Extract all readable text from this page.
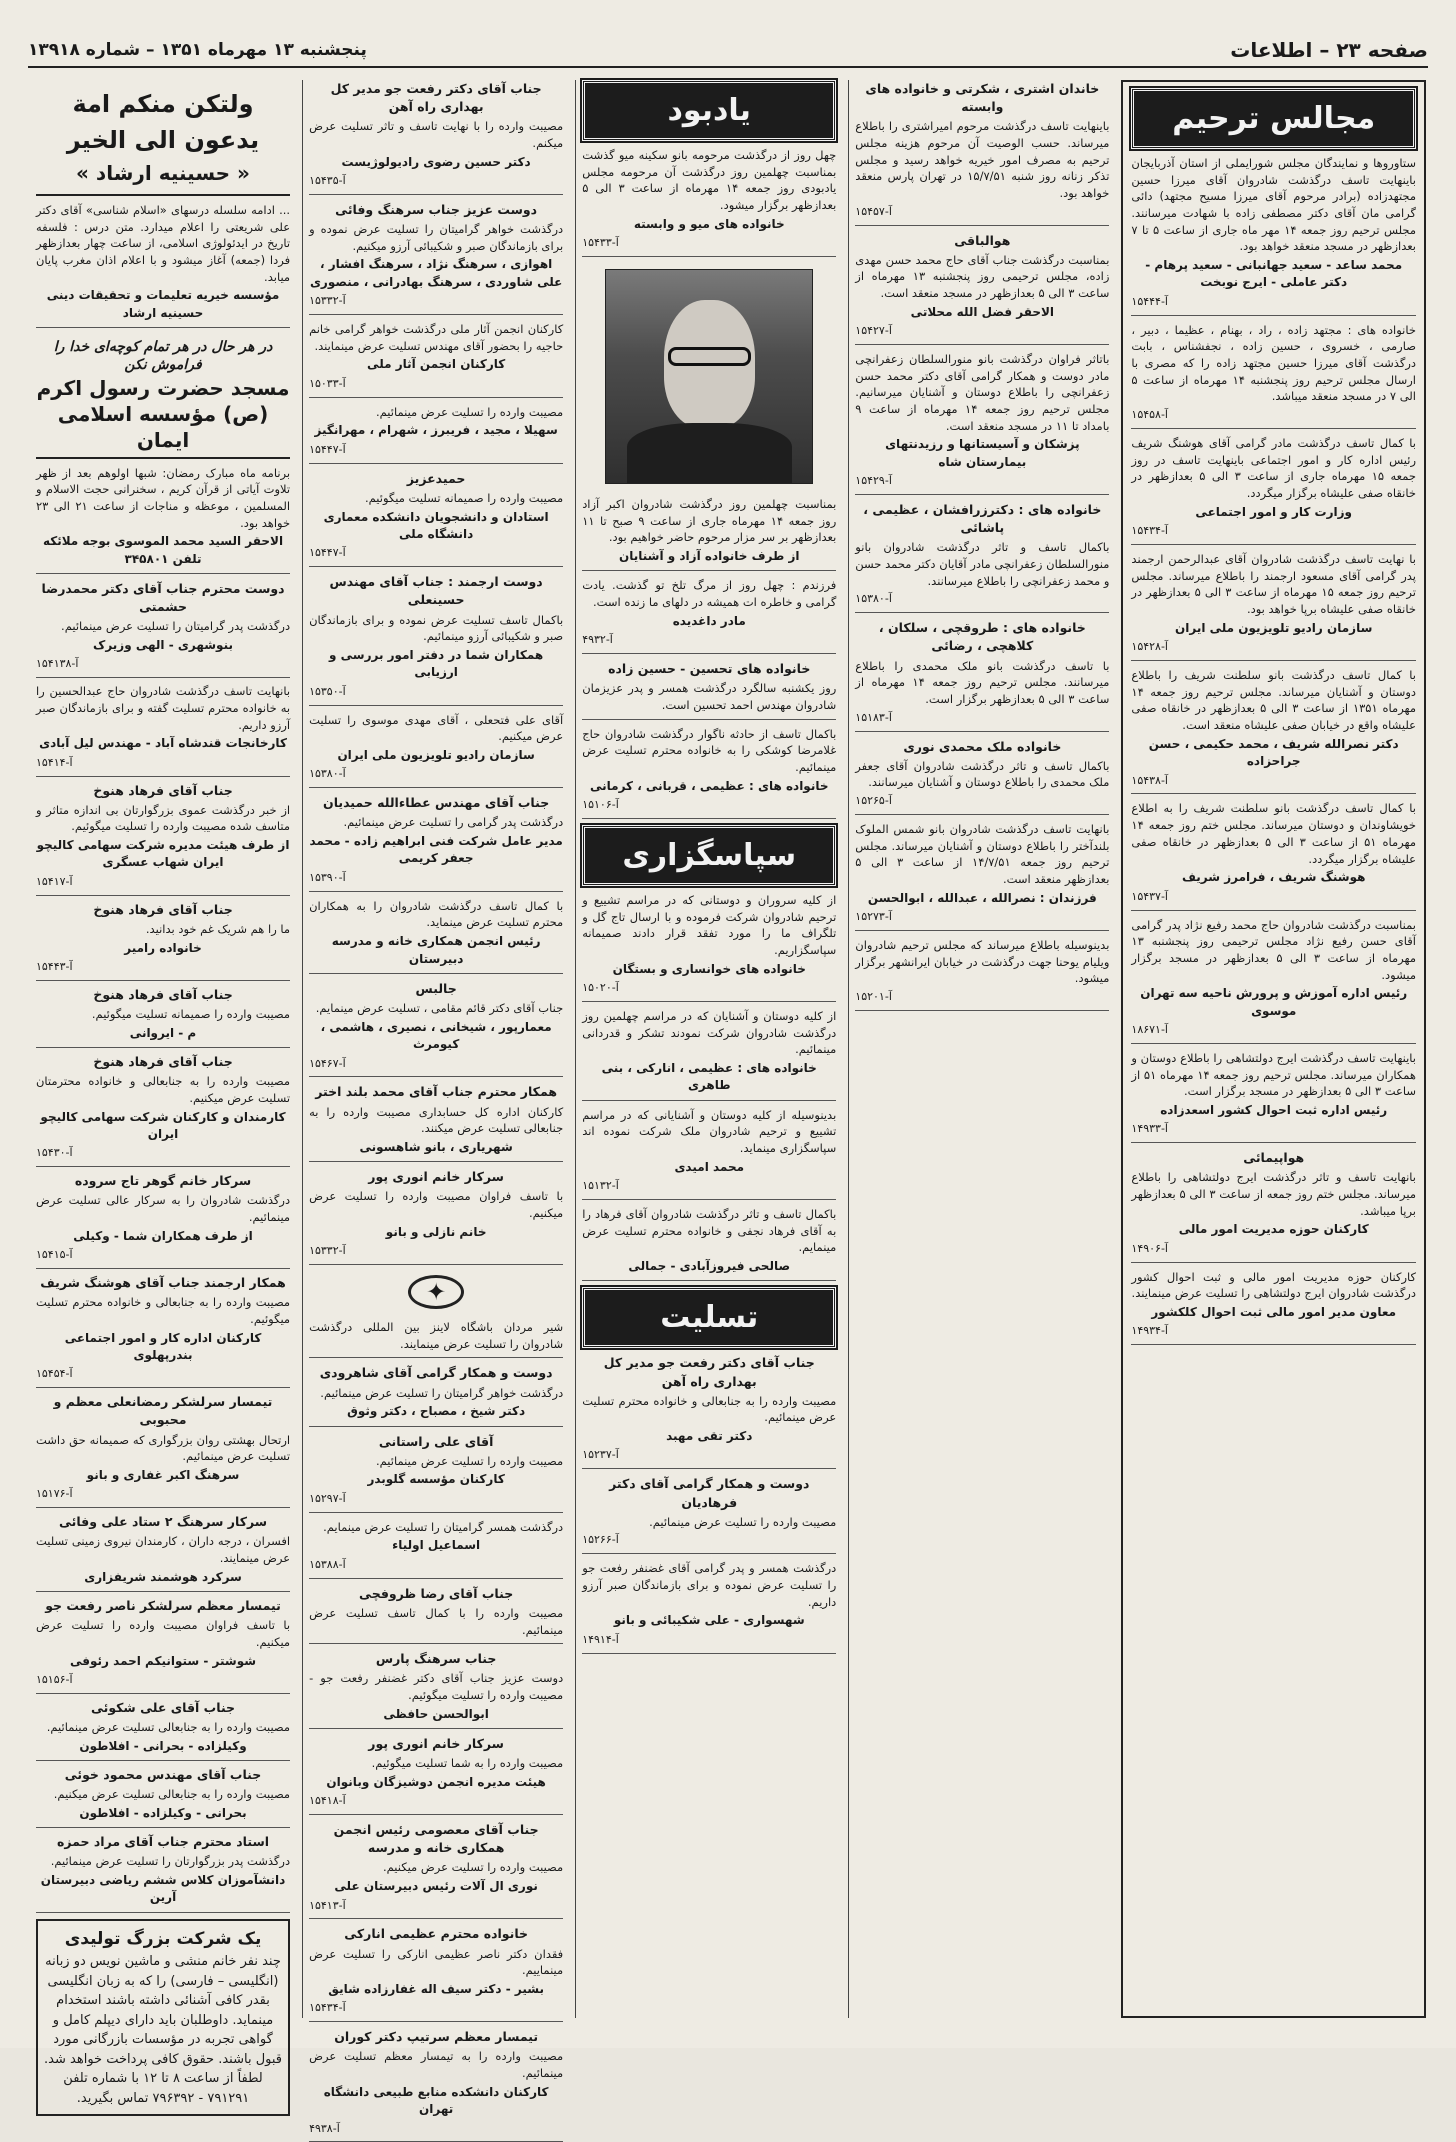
صفحه ۲۳ – اطلاعات
پنجشنبه ۱۳ مهرماه ۱۳۵۱ – شماره ۱۳۹۱۸
مجالس ترحیم
ستاوروها و نمایندگان مجلس شورایملی از استان آذربایجان باینهایت تاسف درگذشت شادروان آقای میرزا حسین مجتهدزاده (برادر مرحوم آقای میرزا مسیح مجتهد) دائی گرامی مان آقای دکتر مصطفی زاده با شهادت میرسانند. مجلس ترحیم روز جمعه ۱۴ مهر ماه جاری از ساعت ۵ تا ۷ بعدازظهر در مسجد منعقد خواهد بود.
محمد ساعد - سعید جهانبانی - سعید پرهام - دکتر عاملی - ایرج نوبخت
آ-۱۵۴۴۴
خانواده های : مجتهد زاده ، راد ، بهنام ، عظیما ، دبیر ، صارمی ، خسروی ، حسین زاده ، نجفشناس ، بابت درگذشت آقای میرزا حسین مجتهد زاده را که مصری با ارسال مجلس ترحیم روز پنجشنبه ۱۴ مهرماه از ساعت ۵ الی ۷ در مسجد منعقد میباشد.
آ-۱۵۴۵۸
با کمال تاسف درگذشت مادر گرامی آقای هوشنگ شریف رئیس اداره کار و امور اجتماعی باینهایت تاسف در روز جمعه ۱۵ مهرماه جاری از ساعت ۳ الی ۵ بعدازظهر در خانقاه صفی علیشاه برگزار میگردد.
وزارت کار و امور اجتماعی
آ-۱۵۴۳۴
با نهایت تاسف درگذشت شادروان آقای عبدالرحمن ارجمند پدر گرامی آقای مسعود ارجمند را باطلاع میرساند. مجلس ترحیم روز جمعه ۱۵ مهرماه از ساعت ۳ الی ۵ بعدازظهر در خانقاه صفی علیشاه برپا خواهد بود.
سازمان رادیو تلویزیون ملی ایران
آ-۱۵۴۲۸
با کمال تاسف درگذشت بانو سلطنت شریف را باطلاع دوستان و آشنایان میرساند. مجلس ترحیم روز جمعه ۱۴ مهرماه ۱۳۵۱ از ساعت ۳ الی ۵ بعدازظهر در خانقاه صفی علیشاه واقع در خیابان صفی علیشاه منعقد است.
دکتر نصرالله شریف ، محمد حکیمی ، حسن جراحزاده
آ-۱۵۴۳۸
با کمال تاسف درگذشت بانو سلطنت شریف را به اطلاع خویشاوندان و دوستان میرساند. مجلس ختم روز جمعه ۱۴ مهرماه ۵۱ از ساعت ۳ الی ۵ بعدازظهر در خانقاه صفی علیشاه برگزار میگردد.
هوشنگ شریف ، فرامرز شریف
آ-۱۵۴۳۷
بمناسبت درگذشت شادروان حاج محمد رفیع نژاد پدر گرامی آقای حسن رفیع نژاد مجلس ترحیمی روز پنجشنبه ۱۳ مهرماه از ساعت ۳ الی ۵ بعدازظهر در مسجد برگزار میشود.
رئیس اداره آموزش و پرورش ناحیه سه تهران موسوی
آ-۱۸۶۷۱
باینهایت تاسف درگذشت ایرج دولتشاهی را باطلاع دوستان و همکاران میرساند. مجلس ترحیم روز جمعه ۱۴ مهرماه ۵۱ از ساعت ۳ الی ۵ بعدازظهر در مسجد برگزار است.
رئیس اداره ثبت احوال کشور اسعدزاده
آ-۱۴۹۳۳
هواپیمائی
بانهایت تاسف و تاثر درگذشت ایرج دولتشاهی را باطلاع میرساند. مجلس ختم روز جمعه از ساعت ۳ الی ۵ بعدازظهر برپا میباشد.
کارکنان حوزه مدیریت امور مالی
آ-۱۴۹۰۶
کارکنان حوزه مدیریت امور مالی و ثبت احوال کشور درگذشت شادروان ایرج دولتشاهی را تسلیت عرض مینمایند.
معاون مدیر امور مالی ثبت احوال کلکشور
آ-۱۴۹۳۴
خاندان اشتری ، شکرتی و خانواده های وابسته
باینهایت تاسف درگذشت مرحوم امیراشتری را باطلاع میرساند. حسب الوصیت آن مرحوم هزینه مجلس ترحیم به مصرف امور خیریه خواهد رسید و مجلس تذکر زنانه روز شنبه ۱۵/۷/۵۱ در تهران پارس منعقد خواهد بود.
آ-۱۵۴۵۷
هوالباقی
بمناسبت درگذشت جناب آقای حاج محمد حسن مهدی زاده، مجلس ترحیمی روز پنجشنبه ۱۳ مهرماه از ساعت ۳ الی ۵ بعدازظهر در مسجد منعقد است.
الاحقر فضل الله محلاتی
آ-۱۵۴۲۷
باتاثر فراوان درگذشت بانو منورالسلطان زعفرانچی مادر دوست و همکار گرامی آقای دکتر محمد حسن زعفرانچی را باطلاع دوستان و آشنایان میرسانیم. مجلس ترحیم روز جمعه ۱۴ مهرماه از ساعت ۹ بامداد تا ۱۱ در مسجد منعقد است.
پزشکان و آسیستانها و رزیدنتهای بیمارستان شاه
آ-۱۵۴۲۹
خانواده های : دکترزرافشان ، عظیمی ، پاشائی
باکمال تاسف و تاثر درگذشت شادروان بانو منورالسلطان زعفرانچی مادر آقایان دکتر محمد حسن و محمد زعفرانچی را باطلاع میرسانند.
آ-۱۵۳۸۰
خانواده های : طروقچی ، سلکان ، کلاهچی ، رضائی
با تاسف درگذشت بانو ملک محمدی را باطلاع میرسانند. مجلس ترحیم روز جمعه ۱۴ مهرماه از ساعت ۳ الی ۵ بعدازظهر برگزار است.
آ-۱۵۱۸۳
خانواده ملک محمدی نوری
باکمال تاسف و تاثر درگذشت شادروان آقای جعفر ملک محمدی را باطلاع دوستان و آشنایان میرسانند.
آ-۱۵۲۶۵
بانهایت تاسف درگذشت شادروان بانو شمس الملوک بلندآختر را باطلاع دوستان و آشنایان میرساند. مجلس ترحیم روز جمعه ۱۴/۷/۵۱ از ساعت ۳ الی ۵ بعدازظهر منعقد است.
فرزندان : نصرالله ، عبدالله ، ابوالحسن
آ-۱۵۲۷۳
بدینوسیله باطلاع میرساند که مجلس ترحیم شادروان ویلیام یوحنا جهت درگذشت در خیابان ایرانشهر برگزار میشود.
آ-۱۵۲۰۱
یادبود
چهل روز از درگذشت مرحومه بانو سکینه میو گذشت بمناسبت چهلمین روز درگذشت آن مرحومه مجلس یادبودی روز جمعه ۱۴ مهرماه از ساعت ۳ الی ۵ بعدازظهر برگزار میشود.
خانواده های میو و وابسته
آ-۱۵۴۳۳
بمناسبت چهلمین روز درگذشت شادروان اکبر آزاد روز جمعه ۱۴ مهرماه جاری از ساعت ۹ صبح تا ۱۱ بعدازظهر بر سر مزار مرحوم حاضر خواهیم بود.
از طرف خانواده آزاد و آشنایان
فرزندم : چهل روز از مرگ تلخ تو گذشت. یادت گرامی و خاطره ات همیشه در دلهای ما زنده است.
مادر داغدیده
آ-۴۹۳۲
خانواده های تحسین - حسین زاده
روز یکشنبه سالگرد درگذشت همسر و پدر عزیزمان شادروان مهندس احمد تحسین است.
باکمال تاسف از حادثه ناگوار درگذشت شادروان حاج غلامرضا کوشکی را به خانواده محترم تسلیت عرض مینمائیم.
خانواده های : عظیمی ، قربانی ، کرمانی
آ-۱۵۱۰۶
سپاسگزاری
از کلیه سروران و دوستانی که در مراسم تشییع و ترحیم شادروان شرکت فرموده و با ارسال تاج گل و تلگراف ما را مورد تفقد قرار دادند صمیمانه سپاسگزاریم.
خانواده های خوانساری و بستگان
آ-۱۵۰۲۰
از کلیه دوستان و آشنایان که در مراسم چهلمین روز درگذشت شادروان شرکت نمودند تشکر و قدردانی مینمائیم.
خانواده های : عظیمی ، انارکی ، بنی طاهری
بدینوسیله از کلیه دوستان و آشنایانی که در مراسم تشییع و ترحیم شادروان ملک شرکت نموده اند سپاسگزاری مینماید.
محمد امیدی
آ-۱۵۱۳۲
باکمال تاسف و تاثر درگذشت شادروان آقای فرهاد را به آقای فرهاد نجفی و خانواده محترم تسلیت عرض مینمایم.
صالحی فیروزآبادی - جمالی
تسلیت
جناب آقای دکتر رفعت جو مدیر کل بهداری راه آهن
مصیبت وارده را به جنابعالی و خانواده محترم تسلیت عرض مینمائیم.
دکتر تقی مهبد
آ-۱۵۲۳۷
دوست و همکار گرامی آقای دکتر فرهادیان
مصیبت وارده را تسلیت عرض مینمائیم.
آ-۱۵۲۶۶
درگذشت همسر و پدر گرامی آقای غضنفر رفعت جو را تسلیت عرض نموده و برای بازماندگان صبر آرزو داریم.
شهسواری - علی شکیبائی و بانو
آ-۱۴۹۱۴
جناب آقای دکتر رفعت جو مدیر کل بهداری راه آهن
مصیبت وارده را با نهایت تاسف و تاثر تسلیت عرض میکنم.
دکتر حسین رضوی رادیولوژیست
آ-۱۵۴۳۵
دوست عزیز جناب سرهنگ وفائی
درگذشت خواهر گرامیتان را تسلیت عرض نموده و برای بازماندگان صبر و شکیبائی آرزو میکنیم.
اهوازی ، سرهنگ نژاد ، سرهنگ افشار ، علی شاوردی ، سرهنگ بهادرانی ، منصوری
آ-۱۵۳۳۲
کارکنان انجمن آثار ملی درگذشت خواهر گرامی خانم حاجیه را بحضور آقای مهندس تسلیت عرض مینمایند.
کارکنان انجمن آثار ملی
آ-۱۵۰۳۳
مصیبت وارده را تسلیت عرض مینمائیم.
سهیلا ، مجید ، فریبرز ، شهرام ، مهرانگیز
آ-۱۵۴۴۷
حمیدعزیز
مصیبت وارده را صمیمانه تسلیت میگوئیم.
استادان و دانشجویان دانشکده معماری دانشگاه ملی
آ-۱۵۴۴۷
دوست ارجمند : جناب آقای مهندس حسینعلی
باکمال تاسف تسلیت عرض نموده و برای بازماندگان صبر و شکیبائی آرزو مینمائیم.
همکاران شما در دفتر امور بررسی و ارزیابی
آ-۱۵۳۵۰
آقای علی فتحعلی ، آقای مهدی موسوی را تسلیت عرض میکنیم.
سازمان رادیو تلویزیون ملی ایران
آ-۱۵۳۸۰
جناب آقای مهندس عطاءالله حمیدیان
درگذشت پدر گرامی را تسلیت عرض مینمائیم.
مدیر عامل شرکت فنی ابراهیم زاده - محمد جعفر کریمی
آ-۱۵۳۹۰
با کمال تاسف درگذشت شادروان را به همکاران محترم تسلیت عرض مینماید.
رئیس انجمن همکاری خانه و مدرسه دبیرستان
جالبس
جناب آقای دکتر قائم مقامی ، تسلیت عرض مینمایم.
معمارپور ، شیخانی ، نصیری ، هاشمی ، کیومرث
آ-۱۵۴۶۷
همکار محترم جناب آقای محمد بلند اختر
کارکنان اداره کل حسابداری مصیبت وارده را به جنابعالی تسلیت عرض میکنند.
شهریاری ، بانو شاهسونی
سرکار خانم انوری پور
با تاسف فراوان مصیبت وارده را تسلیت عرض میکنیم.
خانم نازلی و بانو
آ-۱۵۳۳۲
✦
شیر مردان باشگاه لاینز بین المللی درگذشت شادروان را تسلیت عرض مینمایند.
دوست و همکار گرامی آقای شاهرودی
درگذشت خواهر گرامیتان را تسلیت عرض مینمائیم.
دکتر شیخ ، مصباح ، دکتر وثوق
آقای علی راستانی
مصیبت وارده را تسلیت عرض مینمائیم.
کارکنان مؤسسه گلوبدر
آ-۱۵۲۹۷
درگذشت همسر گرامیتان را تسلیت عرض مینمایم.
اسماعیل اولیاء
آ-۱۵۳۸۸
جناب آقای رضا ظروفچی
مصیبت وارده را با کمال تاسف تسلیت عرض مینمائیم.
جناب سرهنگ پارس
دوست عزیز جناب آقای دکتر غضنفر رفعت جو - مصیبت وارده را تسلیت میگوئیم.
ابوالحسن حافظی
سرکار خانم انوری پور
مصیبت وارده را به شما تسلیت میگوئیم.
هیئت مدیره انجمن دوشیزگان وبانوان
آ-۱۵۴۱۸
جناب آقای معصومی رئیس انجمن همکاری خانه و مدرسه
مصیبت وارده را تسلیت عرض میکنیم.
نوری ال آلات رئیس دبیرستان علی
آ-۱۵۴۱۳
خانواده محترم عظیمی انارکی
فقدان دکتر ناصر عظیمی انارکی را تسلیت عرض مینماییم.
بشیر - دکتر سیف اله غفارزاده شایق
آ-۱۵۴۳۴
تیمسار معظم سرتیپ دکتر کوران
مصیبت وارده را به تیمسار معظم تسلیت عرض مینمائیم.
کارکنان دانشکده منابع طبیعی دانشگاه تهران
آ-۴۹۳۸
ولتکن منکم امة یدعون الی الخیر
« حسینیه ارشاد »
... ادامه سلسله درسهای «اسلام شناسی» آقای دکتر علی شریعتی را اعلام میدارد. متن درس : فلسفه تاریخ در ایدئولوژی اسلامی، از ساعت چهار بعدازظهر فردا (جمعه) آغاز میشود و با اعلام اذان مغرب پایان میابد.
مؤسسه خیریه تعلیمات و تحقیقات دینی حسینیه ارشاد
در هر حال در هر تمام کوچه‌ای خدا را فراموش نکن
مسجد حضرت رسول اکرم (ص) مؤسسه اسلامی ایمان
برنامه ماه مبارک رمضان: شبها اولوهم بعد از ظهر تلاوت آیاتی از قرآن کریم ، سخنرانی حجت الاسلام و المسلمین ، موعظه و مناجات از ساعت ۲۱ الی ۲۳ خواهد بود.
الاحقر السید محمد الموسوی بوجه ملائکه تلفن ۳۴۵۸۰۱
دوست محترم جناب آقای دکتر محمدرضا حشمتی
درگذشت پدر گرامیتان را تسلیت عرض مینمائیم.
بنوشهری - الهی وزیرک
آ-۱۵۴۱۳۸
بانهایت تاسف درگذشت شادروان حاج عبدالحسین را به خانواده محترم تسلیت گفته و برای بازماندگان صبر آرزو داریم.
کارخانجات قندشاه آباد - مهندس لیل آبادی
آ-۱۵۴۱۴
جناب آقای فرهاد هنوخ
از خبر درگذشت عموی بزرگوارتان بی اندازه متاثر و متاسف شده مصیبت وارده را تسلیت میگوئیم.
از طرف هیئت مدیره شرکت سهامی کالیچو ایران شهاب عسگری
آ-۱۵۴۱۷
جناب آقای فرهاد هنوخ
ما را هم شریک غم خود بدانید.
خانواده رامیر
آ-۱۵۴۴۳
جناب آقای فرهاد هنوخ
مصیبت وارده را صمیمانه تسلیت میگوئیم.
م - ایروانی
جناب آقای فرهاد هنوخ
مصیبت وارده را به جنابعالی و خانواده محترمتان تسلیت عرض میکنیم.
کارمندان و کارکنان شرکت سهامی کالیچو ایران
آ-۱۵۴۳۰
سرکار خانم گوهر تاج سروده
درگذشت شادروان را به سرکار عالی تسلیت عرض مینمائیم.
از طرف همکاران شما - وکیلی
آ-۱۵۴۱۵
همکار ارجمند جناب آقای هوشنگ شریف
مصیبت وارده را به جنابعالی و خانواده محترم تسلیت میگوئیم.
کارکنان اداره کار و امور اجتماعی بندرپهلوی
آ-۱۵۴۵۴
تیمسار سرلشکر رمضانعلی معظم و محبوبی
ارتحال بهشتی روان بزرگواری که صمیمانه حق داشت تسلیت عرض مینمائیم.
سرهنگ اکبر غفاری و بانو
آ-۱۵۱۷۶
سرکار سرهنگ ۲ ستاد علی وفائی
افسران ، درجه داران ، کارمندان نیروی زمینی تسلیت عرض مینمایند.
سرکرد هوشمند شریفزاری
تیمسار معظم سرلشکر ناصر رفعت جو
با تاسف فراوان مصیبت وارده را تسلیت عرض میکنیم.
شوشتر - ستوانیکم احمد رئوفی
آ-۱۵۱۵۶
جناب آقای علی شکوئی
مصیبت وارده را به جنابعالی تسلیت عرض مینمائیم.
وکیلزاده - بحرانی - افلاطون
جناب آقای مهندس محمود خوئی
مصیبت وارده را به جنابعالی تسلیت عرض میکنیم.
بحرانی - وکیلزاده - افلاطون
استاد محترم جناب آقای مراد حمزه
درگذشت پدر بزرگوارتان را تسلیت عرض مینمائیم.
دانشآموزان کلاس ششم ریاضی دبیرستان آرین
یک شرکت بزرگ تولیدی
چند نفر خانم منشی و ماشین نویس دو زبانه (انگلیسی – فارسی) را که به زبان انگلیسی بقدر کافی آشنائی داشته باشند استخدام مینماید. داوطلبان باید دارای دیپلم کامل و گواهی تجربه در مؤسسات بازرگانی مورد قبول باشند. حقوق کافی پرداخت خواهد شد. لطفاً از ساعت ۸ تا ۱۲ با شماره تلفن ۷۹۱۲۹۱ - ۷۹۶۳۹۲ تماس بگیرید.
